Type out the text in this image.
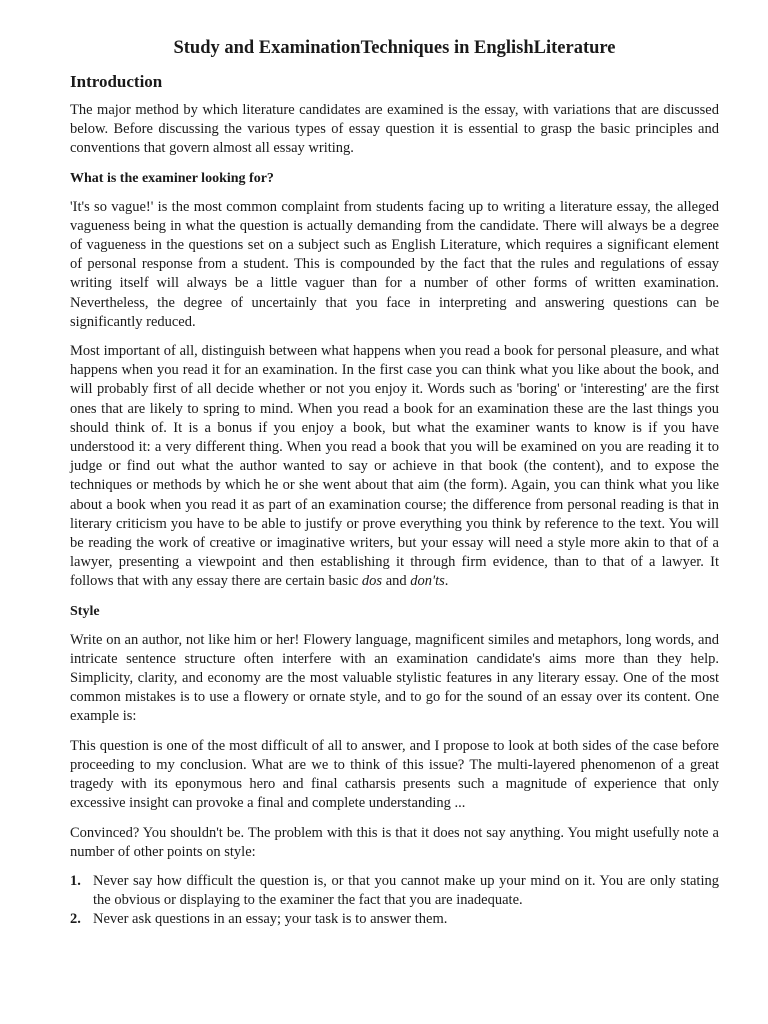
Study and ExaminationTechniques in EnglishLiterature
Introduction

The major method by which literature candidates are examined is the essay, with variations that are discussed below. Before discussing the various types of essay question it is essential to grasp the basic principles and conventions that govern almost all essay writing.

What is the examiner looking for?

'It's so vague!' is the most common complaint from students facing up to writing a literature essay, the alleged vagueness being in what the question is actually demanding from the candidate. There will always be a degree of vagueness in the questions set on a subject such as English Literature, which requires a significant element of personal response from a student. This is compounded by the fact that the rules and regulations of essay writing itself will always be a little vaguer than for a number of other forms of written examination. Nevertheless, the degree of uncertainly that you face in interpreting and answering questions can be significantly reduced.

Most important of all, distinguish between what happens when you read a book for personal pleasure, and what happens when you read it for an examination. In the first case you can think what you like about the book, and will probably first of all decide whether or not you enjoy it. Words such as 'boring' or 'interesting' are the first ones that are likely to spring to mind. When you read a book for an examination these are the last things you should think of. It is a bonus if you enjoy a book, but what the examiner wants to know is if you have understood it: a very different thing. When you read a book that you will be examined on you are reading it to judge or find out what the author wanted to say or achieve in that book (the content), and to expose the techniques or methods by which he or she went about that aim (the form). Again, you can think what you like about a book when you read it as part of an examination course; the difference from personal reading is that in literary criticism you have to be able to justify or prove everything you think by reference to the text. You will be reading the work of creative or imaginative writers, but your essay will need a style more akin to that of a lawyer, presenting a viewpoint and then establishing it through firm evidence, than to that of a lawyer. It follows that with any essay there are certain basic dos and don'ts.

Style

Write on an author, not like him or her! Flowery language, magnificent similes and metaphors, long words, and intricate sentence structure often interfere with an examination candidate's aims more than they help. Simplicity, clarity, and economy are the most valuable stylistic features in any literary essay. One of the most common mistakes is to use a flowery or ornate style, and to go for the sound of an essay over its content. One example is:

This question is one of the most difficult of all to answer, and I propose to look at both sides of the case before proceeding to my conclusion. What are we to think of this issue? The multi-layered phenomenon of a great tragedy with its eponymous hero and final catharsis presents such a magnitude of experience that only excessive insight can provoke a final and complete understanding ...

Convinced? You shouldn't be. The problem with this is that it does not say anything. You might usefully note a number of other points on style:

1. Never say how difficult the question is, or that you cannot make up your mind on it. You are only stating the obvious or displaying to the examiner the fact that you are inadequate.
2. Never ask questions in an essay; your task is to answer them.
